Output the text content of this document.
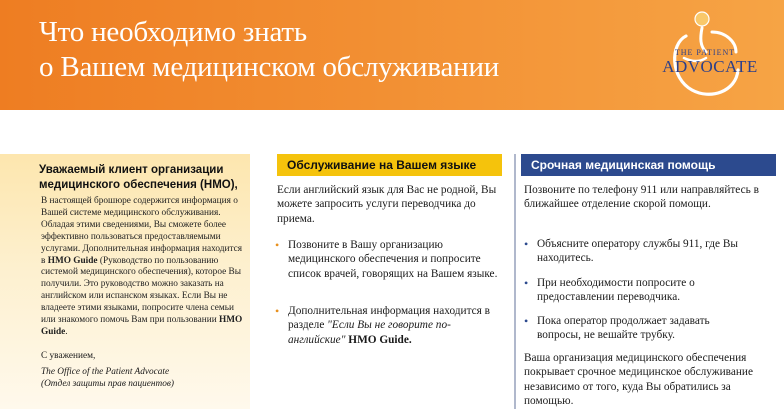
Что необходимо знать
о Вашем медицинском обслуживании	THE PATIENT
ADVOCATE
Уважаемый клиент организации медицинского обеспечения (HMO),
В настоящей брошюре содержится информация о Вашей системе медицинского обслуживания. Обладая этими сведениями, Вы сможете более эффективно пользоваться предоставляемыми услугами. Дополнительная информация находится в HMO Guide (Руководство по пользованию системой медицинского обеспечения), которое Вы получили. Это руководство можно заказать на английском или испанском языках. Если Вы не владеете этими языками, попросите члена семьи или знакомого помочь Вам при пользовании HMO Guide.
С уважением,
The Office of the Patient Advocate
(Отдел защиты прав пациентов)
Обслуживание на Вашем языке
Если английский язык для Вас не родной, Вы можете запросить услуги переводчика до приема.
• Позвоните в Вашу организацию медицинского обеспечения и попросите список врачей, говорящих на Вашем языке.
• Дополнительная информация находится в разделе "Если Вы не говорите по-английские" HMO Guide.
Срочная медицинская помощь
Позвоните по телефону 911 или направляйтесь в ближайшее отделение скорой помощи.
• Объясните оператору службы 911, где Вы находитесь.
• При необходимости попросите о предоставлении переводчика.
• Пока оператор продолжает задавать вопросы, не вешайте трубку.
Ваша организация медицинского обеспечения покрывает срочное медицинское обслуживание независимо от того, куда Вы обратились за помощью.
